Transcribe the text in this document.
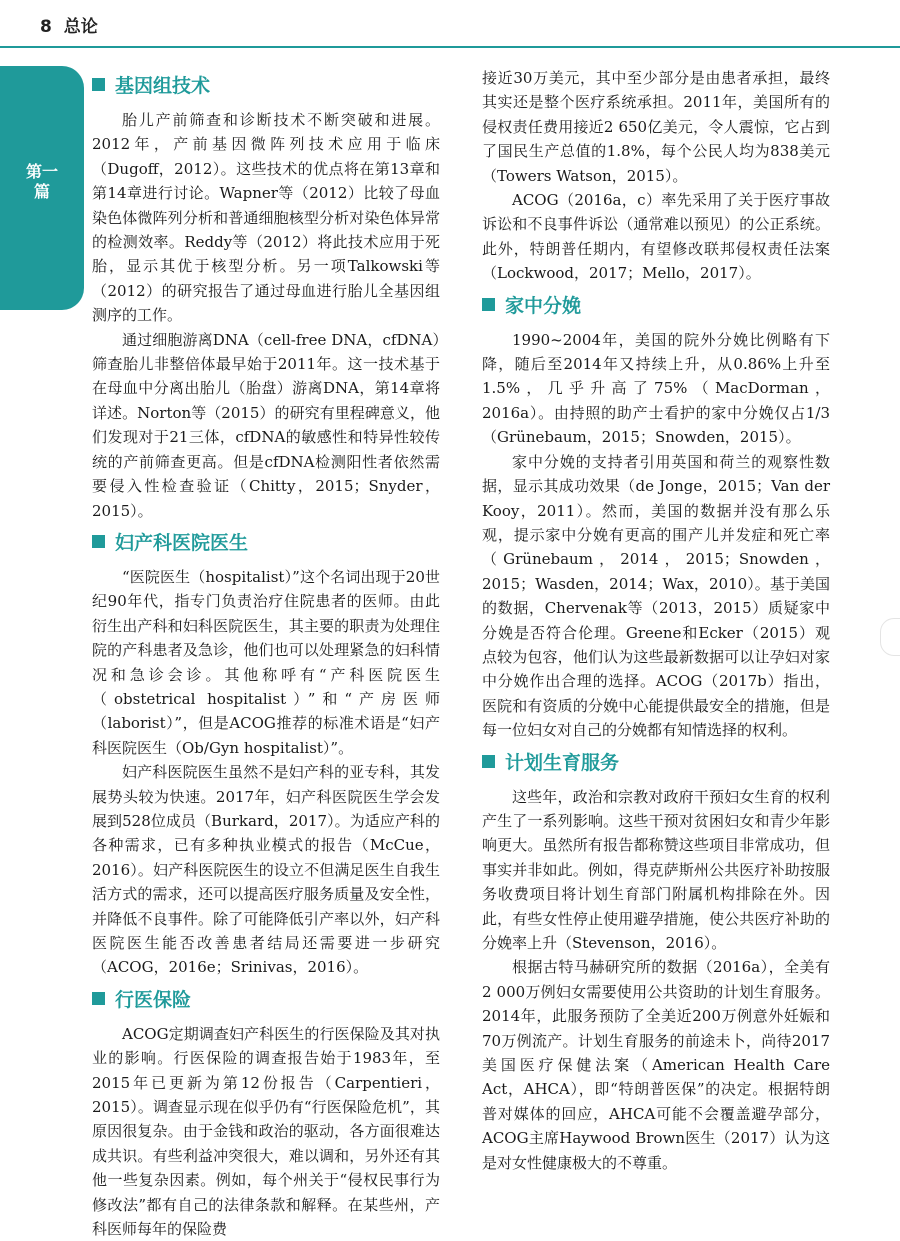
8 总论
第一篇
基因组技术

胎儿产前筛查和诊断技术不断突破和进展。2012年，产前基因微阵列技术应用于临床（Dugoff，2012）。这些技术的优点将在第13章和第14章进行讨论。Wapner等（2012）比较了母血染色体微阵列分析和普通细胞核型分析对染色体异常的检测效率。Reddy等（2012）将此技术应用于死胎，显示其优于核型分析。另一项Talkowski等（2012）的研究报告了通过母血进行胎儿全基因组测序的工作。

通过细胞游离DNA（cell-free DNA，cfDNA）筛查胎儿非整倍体最早始于2011年。这一技术基于在母血中分离出胎儿（胎盘）游离DNA，第14章将详述。Norton等（2015）的研究有里程碑意义，他们发现对于21三体，cfDNA的敏感性和特异性较传统的产前筛查更高。但是cfDNA检测阳性者依然需要侵入性检查验证（Chitty，2015；Snyder，2015）。

妇产科医院医生

“医院医生（hospitalist）”这个名词出现于20世纪90年代，指专门负责治疗住院患者的医师。由此衍生出产科和妇科医院医生，其主要的职责为处理住院的产科患者及急诊，他们也可以处理紧急的妇科情况和急诊会诊。其他称呼有“产科医院医生（obstetrical hospitalist）”和“产房医师（laborist）”，但是ACOG推荐的标准术语是“妇产科医院医生（Ob/Gyn hospitalist）”。

妇产科医院医生虽然不是妇产科的亚专科，其发展势头较为快速。2017年，妇产科医院医生学会发展到528位成员（Burkard，2017）。为适应产科的各种需求，已有多种执业模式的报告（McCue，2016）。妇产科医院医生的设立不但满足医生自我生活方式的需求，还可以提高医疗服务质量及安全性，并降低不良事件。除了可能降低引产率以外，妇产科医院医生能否改善患者结局还需要进一步研究（ACOG，2016e；Srinivas，2016）。

行医保险

ACOG定期调查妇产科医生的行医保险及其对执业的影响。行医保险的调查报告始于1983年，至2015年已更新为第12份报告（Carpentieri，2015）。调查显示现在似乎仍有“行医保险危机”，其原因很复杂。由于金钱和政治的驱动，各方面很难达成共识。有些利益冲突很大，难以调和，另外还有其他一些复杂因素。例如，每个州关于“侵权民事行为修改法”都有自己的法律条款和解释。在某些州，产科医师每年的保险费

接近30万美元，其中至少部分是由患者承担，最终其实还是整个医疗系统承担。2011年，美国所有的侵权责任费用接近2 650亿美元，令人震惊，它占到了国民生产总值的1.8%，每个公民人均为838美元（Towers Watson，2015）。

ACOG（2016a，c）率先采用了关于医疗事故诉讼和不良事件诉讼（通常难以预见）的公正系统。此外，特朗普任期内，有望修改联邦侵权责任法案（Lockwood，2017；Mello，2017）。

家中分娩

1990~2004年，美国的院外分娩比例略有下降，随后至2014年又持续上升，从0.86%上升至1.5%，几乎升高了75%（MacDorman，2016a）。由持照的助产士看护的家中分娩仅占1/3（Grünebaum，2015；Snowden，2015）。

家中分娩的支持者引用英国和荷兰的观察性数据，显示其成功效果（de Jonge，2015；Van der Kooy，2011）。然而，美国的数据并没有那么乐观，提示家中分娩有更高的围产儿并发症和死亡率（Grünebaum，2014，2015；Snowden，2015；Wasden，2014；Wax，2010）。基于美国的数据，Chervenak等（2013，2015）质疑家中分娩是否符合伦理。Greene和Ecker（2015）观点较为包容，他们认为这些最新数据可以让孕妇对家中分娩作出合理的选择。ACOG（2017b）指出，医院和有资质的分娩中心能提供最安全的措施，但是每一位妇女对自己的分娩都有知情选择的权利。

计划生育服务

这些年，政治和宗教对政府干预妇女生育的权利产生了一系列影响。这些干预对贫困妇女和青少年影响更大。虽然所有报告都称赞这些项目非常成功，但事实并非如此。例如，得克萨斯州公共医疗补助按服务收费项目将计划生育部门附属机构排除在外。因此，有些女性停止使用避孕措施，使公共医疗补助的分娩率上升（Stevenson，2016）。

根据古特马赫研究所的数据（2016a），全美有2 000万例妇女需要使用公共资助的计划生育服务。2014年，此服务预防了全美近200万例意外妊娠和70万例流产。计划生育服务的前途未卜，尚待2017美国医疗保健法案（American Health Care Act，AHCA），即“特朗普医保”的决定。根据特朗普对媒体的回应，AHCA可能不会覆盖避孕部分，ACOG主席Haywood Brown医生（2017）认为这是对女性健康极大的不尊重。
